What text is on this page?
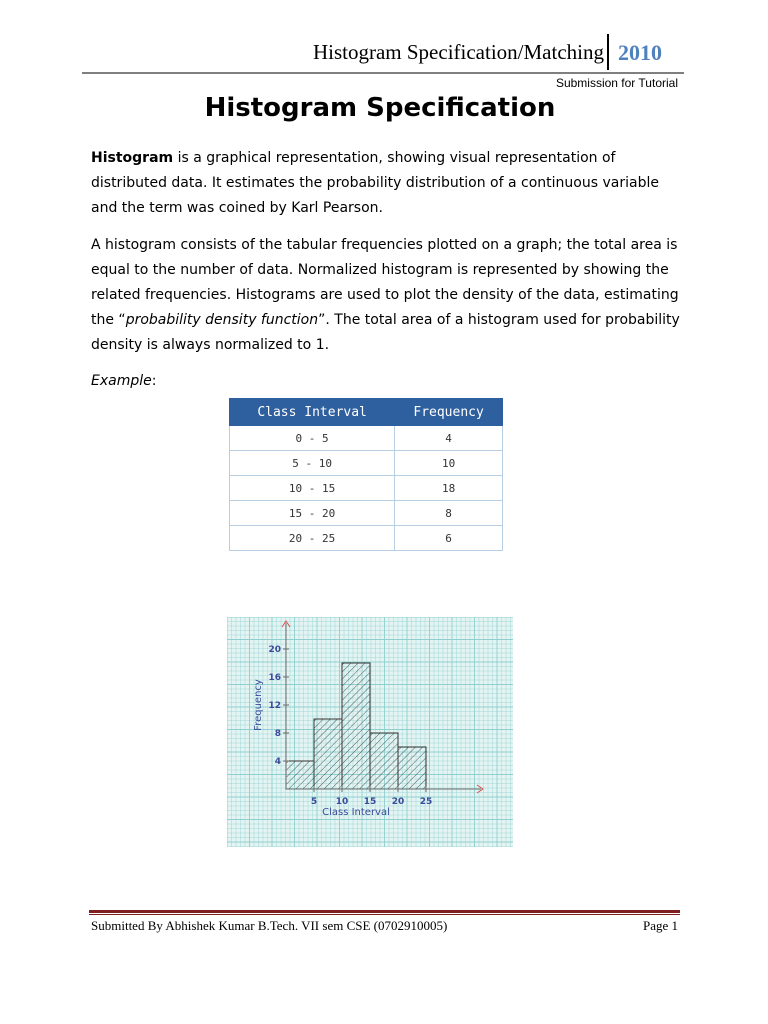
Histogram Specification/Matching 2010
Submission for Tutorial
Histogram Specification

Histogram is a graphical representation, showing visual representation of distributed data. It estimates the probability distribution of a continuous variable and the term was coined by Karl Pearson.

A histogram consists of the tabular frequencies plotted on a graph; the total area is equal to the number of data. Normalized histogram is represented by showing the related frequencies. Histograms are used to plot the density of the data, estimating the “probability density function”. The total area of a histogram used for probability density is always normalized to 1.

Example:

Class Interval	Frequency
0 - 5	4
5 - 10	10
10 - 15	18
15 - 20	8
20 - 25	6
5 10 15 20 25
4
8
12
16
20
Class Interval
Frequency
Submitted By Abhishek Kumar B.Tech. VII sem CSE (0702910005)	Page 1
